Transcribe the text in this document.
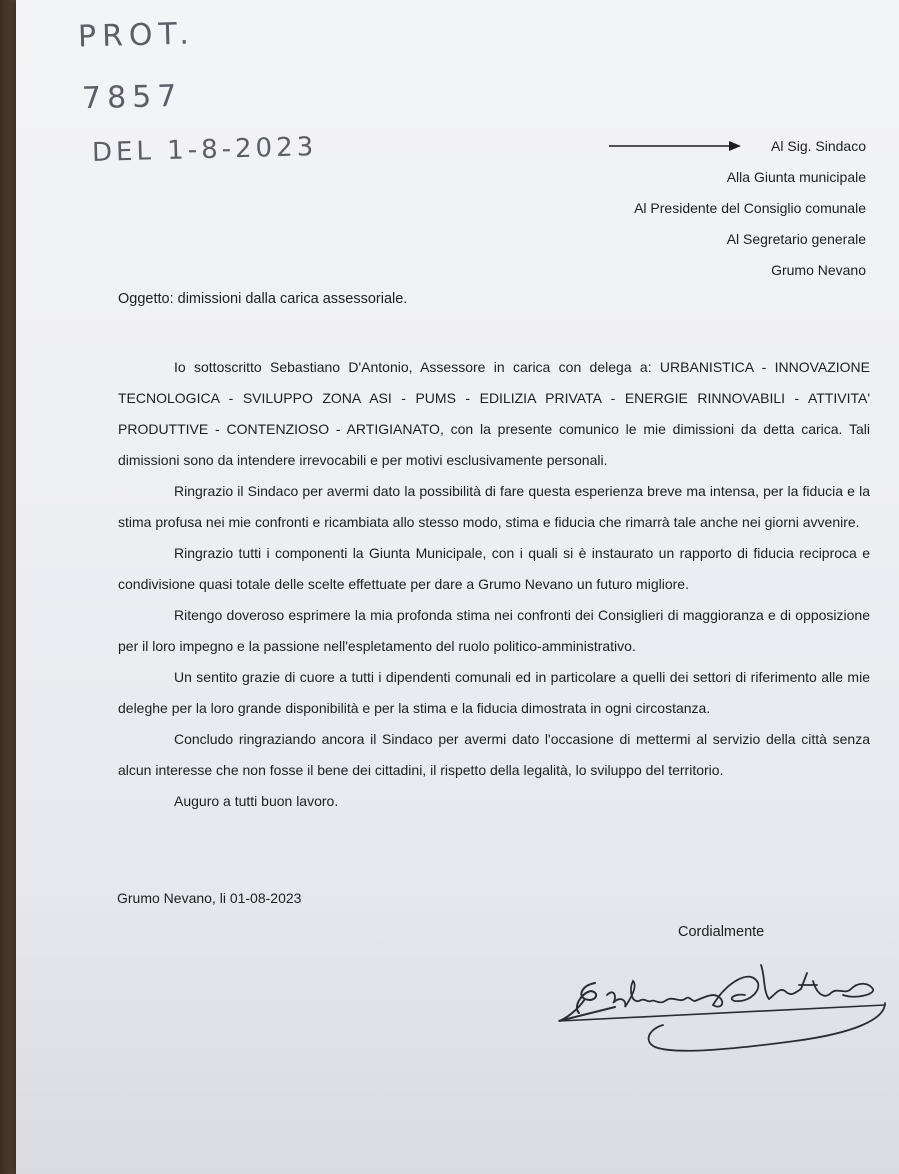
PROT.
7857
DEL 1-8-2023	Al Sig. Sindaco
Alla Giunta municipale
Al Presidente del Consiglio comunale
Al Segretario generale
Grumo Nevano
Oggetto: dimissioni dalla carica assessoriale.

Io sottoscritto Sebastiano D'Antonio, Assessore in carica con delega a: URBANISTICA - INNOVAZIONE TECNOLOGICA - SVILUPPO ZONA ASI - PUMS - EDILIZIA PRIVATA - ENERGIE RINNOVABILI - ATTIVITA' PRODUTTIVE - CONTENZIOSO - ARTIGIANATO, con la presente comunico le mie dimissioni da detta carica. Tali dimissioni sono da intendere irrevocabili e per motivi esclusivamente personali.

Ringrazio il Sindaco per avermi dato la possibilità di fare questa esperienza breve ma intensa, per la fiducia e la stima profusa nei mie confronti e ricambiata allo stesso modo, stima e fiducia che rimarrà tale anche nei giorni avvenire.

Ringrazio tutti i componenti la Giunta Municipale, con i quali si è instaurato un rapporto di fiducia reciproca e condivisione quasi totale delle scelte effettuate per dare a Grumo Nevano un futuro migliore.

Ritengo doveroso esprimere la mia profonda stima nei confronti dei Consiglieri di maggioranza e di opposizione per il loro impegno e la passione nell'espletamento del ruolo politico-amministrativo.

Un sentito grazie di cuore a tutti i dipendenti comunali ed in particolare a quelli dei settori di riferimento alle mie deleghe per la loro grande disponibilità e per la stima e la fiducia dimostrata in ogni circostanza.

Concludo ringraziando ancora il Sindaco per avermi dato l'occasione di mettermi al servizio della città senza alcun interesse che non fosse il bene dei cittadini, il rispetto della legalità, lo sviluppo del territorio.

Auguro a tutti buon lavoro.

Grumo Nevano, li 01-08-2023
Cordialmente
